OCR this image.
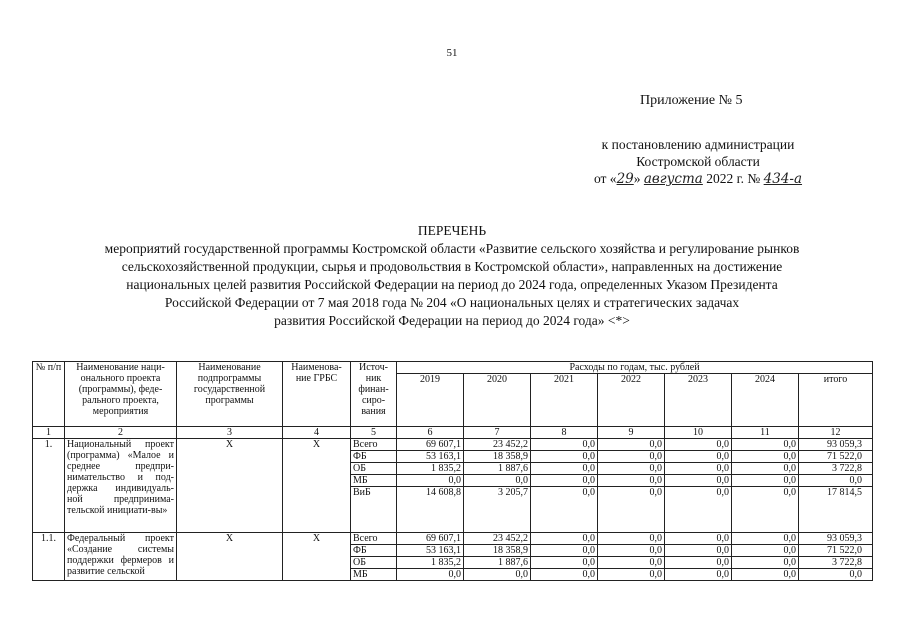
51
Приложение № 5
к постановлению администрации
Костромской области
от «29» августа 2022 г. № 434-а
ПЕРЕЧЕНЬ
мероприятий государственной программы Костромской области «Развитие сельского хозяйства и регулирование рынков
сельскохозяйственной продукции, сырья и продовольствия в Костромской области», направленных на достижение
национальных целей развития Российской Федерации на период до 2024 года, определенных Указом Президента
Российской Федерации от 7 мая 2018 года № 204 «О национальных целях и стратегических задачах
развития Российской Федерации на период до 2024 года» <*>
№ п/п	Наименование наци-онального проекта (программы), феде-рального проекта, мероприятия	Наименование подпрограммы государственной программы	Наименова-ние ГРБС	Источ-ник финан-сиро-вания	Расходы по годам, тыс. рублей						
					2019	2020	2021	2022	2023	2024	итого
1	2	3	4	5	6	7	8	9	10	11	12
1.	Национальный проект (программа) «Малое и среднее предпри-нимательство и под-держка индивидуаль-ной предпринима-тельской инициати-вы»	Х	Х	Всего	69 607,1	23 452,2	0,0	0,0	0,0	0,0	93 059,3
				ФБ	53 163,1	18 358,9	0,0	0,0	0,0	0,0	71 522,0
				ОБ	1 835,2	1 887,6	0,0	0,0	0,0	0,0	3 722,8
				МБ	0,0	0,0	0,0	0,0	0,0	0,0	0,0
				ВиБ	14 608,8	3 205,7	0,0	0,0	0,0	0,0	17 814,5
1.1.	Федеральный проект «Создание системы поддержки фермеров и развитие сельской	Х	Х	Всего	69 607,1	23 452,2	0,0	0,0	0,0	0,0	93 059,3
				ФБ	53 163,1	18 358,9	0,0	0,0	0,0	0,0	71 522,0
				ОБ	1 835,2	1 887,6	0,0	0,0	0,0	0,0	3 722,8
				МБ	0,0	0,0	0,0	0,0	0,0	0,0	0,0
